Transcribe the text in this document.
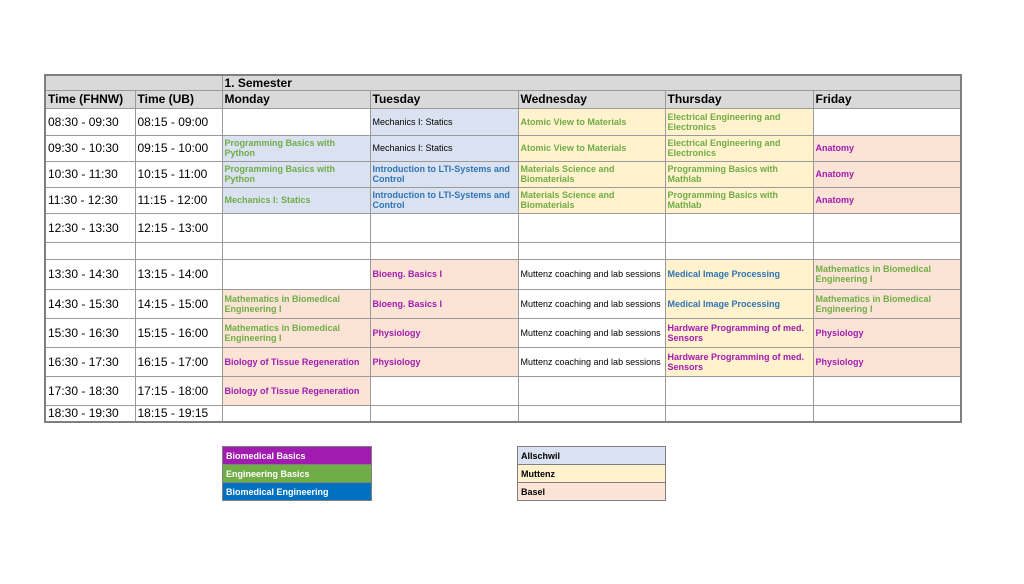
		1. Semester				
Time (FHNW)	Time (UB)	Monday	Tuesday	Wednesday	Thursday	Friday
08:30 - 09:30	08:15 - 09:00		Mechanics I: Statics	Atomic View to Materials	Electrical Engineering and Electronics	
09:30 - 10:30	09:15 - 10:00	Programming Basics with Python	Mechanics I: Statics	Atomic View to Materials	Electrical Engineering and Electronics	Anatomy
10:30 - 11:30	10:15 - 11:00	Programming Basics with Python	Introduction to LTI-Systems and Control	Materials Science and Biomaterials	Programming Basics with Mathlab	Anatomy
11:30 - 12:30	11:15 - 12:00	Mechanics I: Statics	Introduction to LTI-Systems and Control	Materials Science and Biomaterials	Programming Basics with Mathlab	Anatomy
12:30 - 13:30	12:15 - 13:00					

13:30 - 14:30	13:15 - 14:00		Bioeng. Basics I	Muttenz coaching and lab sessions	Medical Image Processing	Mathematics in Biomedical Engineering I
14:30 - 15:30	14:15 - 15:00	Mathematics in Biomedical Engineering I	Bioeng. Basics I	Muttenz coaching and lab sessions	Medical Image Processing	Mathematics in Biomedical Engineering I
15:30 - 16:30	15:15 - 16:00	Mathematics in Biomedical Engineering I	Physiology	Muttenz coaching and lab sessions	Hardware Programming of med. Sensors	Physiology
16:30 - 17:30	16:15 - 17:00	Biology of Tissue Regeneration	Physiology	Muttenz coaching and lab sessions	Hardware Programming of med. Sensors	Physiology
17:30 - 18:30	17:15 - 18:00	Biology of Tissue Regeneration				
18:30 - 19:30	18:15 - 19:15					
Biomedical Basics
Engineering Basics
Biomedical Engineering
Allschwil
Muttenz
Basel
